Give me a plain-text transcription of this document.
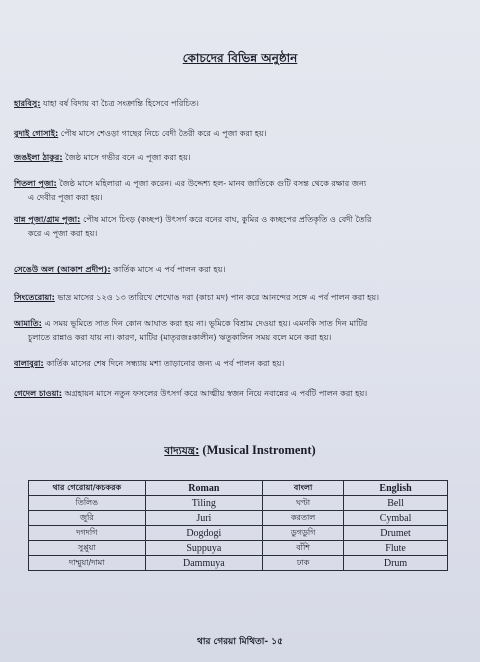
কোচদের বিভিন্ন অনুষ্ঠান
হারবিসু: যাহা বর্ষ বিদায় বা চৈত্র সংক্রান্তি হিসেবে পরিচিত।
বুদাই গোসাই: পৌষ মাসে শেওড়া গাছের নিচে বেদী তৈরী করে এ পূজা করা হয়।
জঙইলা ঠাকুর: জৈষ্ঠ মাসে গভীর বনে এ পূজা করা হয়।
শিতলা পূজা: জৈষ্ঠ মাসে মহিলারা এ পূজা করেন। এর উদ্দেশ্য হল- মানব জাতিকে গুটি বসন্ত থেকে রক্ষার জন্য
এ দেবীর পূজা করা হয়।
বান্ন পূজা/গ্রাম পূজা: পৌষ মাসে চিংড় (কচ্ছপ) উৎসর্গ করে বনের বাঘ, কুমির ও কচ্ছপের প্রতিকৃতি ও বেদী তৈরি
করে এ পূজা করা হয়।
সেঙেউ অল (আকাশ প্রদীপ): কার্তিক মাসে এ পর্ব পালন করা হয়।
সিংতেরোয়া: ভাদ্র মাসের ১২ও ১৩ তারিখে শেখোঙ দরা (কাচা মদ) পান করে আনন্দের সঙ্গে এ পর্ব পালন করা হয়।
আমাতি: এ সময় ভূমিতে সাত দিন কোন আঘাত করা হয় না। ভূমিকে বিশ্রাম দেওয়া হয়। এমনকি সাত দিন মাটির
চুলাতে রান্নাও করা যায় না। কারণ, মাটির (মাতৃরজঃকালীন) ঋতুকালিন সময় বলে মনে করা হয়।
বালাবুরা: কার্তিক মাসের শেষ দিনে সন্ধ্যায় মশা তাড়ানোর জন্য এ পর্ব পালন করা হয়।
গেদেল চাওয়া: অগ্রহায়ন মাসে নতুন ফসলের উৎসর্গ করে আত্মীয় স্বজন নিয়ে নবান্নের এ পর্বটি পালন করা হয়।
বাদ্যযন্ত্র: (Musical Instroment)
থার গেরোয়া/কচকরক	Roman	বাংলা	English
তিলিঙ	Tiling	ঘণ্টা	Bell
জুরি	Juri	করতাল	Cymbal
দগদগি	Dogdogi	ডুগডুগি	Drumet
সুপ্পুয়া	Suppuya	বাঁশি	Flute
দাম্মুয়া/দামা	Dammuya	ঢাক	Drum
থার গেরয়া মিথিতা- ১৫
